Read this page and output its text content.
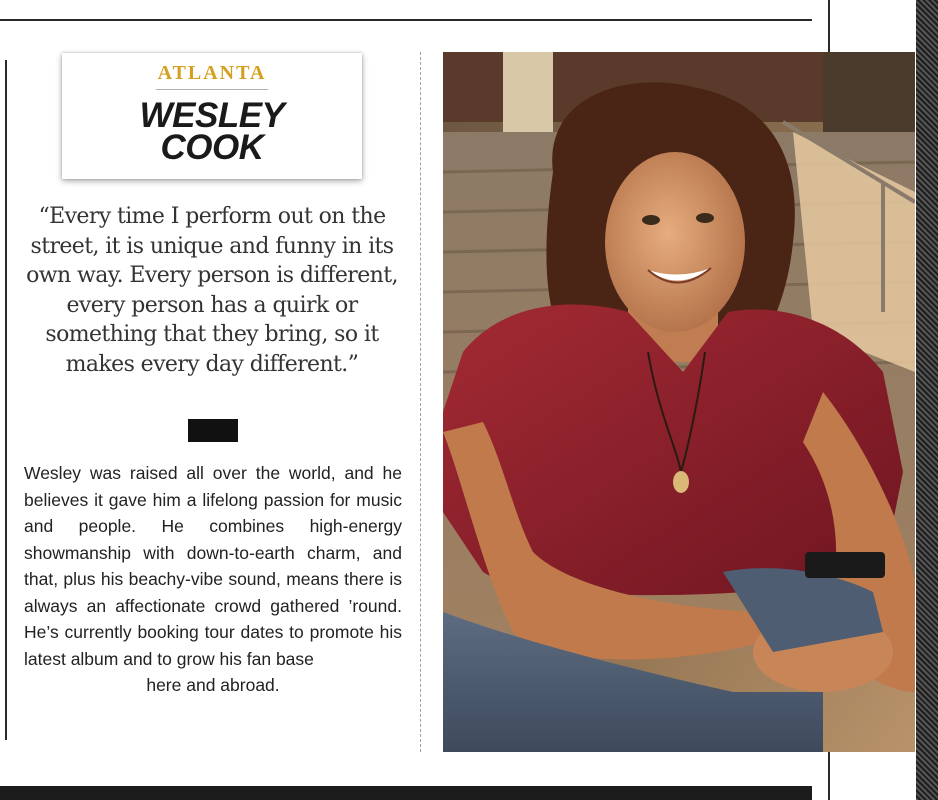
ATLANTA
WESLEY
COOK
“Every time I perform out on the street, it is unique and funny in its own way. Every person is different, every person has a quirk or something that they bring, so it makes every day different.”
Wesley was raised all over the world, and he believes it gave him a lifelong passion for music and people. He combines high-energy showmanship with down-to-earth charm, and that, plus his beachy-vibe sound, means there is always an affectionate crowd gathered ’round. He’s currently booking tour dates to promote his latest album and to grow his fan base
here and abroad.
